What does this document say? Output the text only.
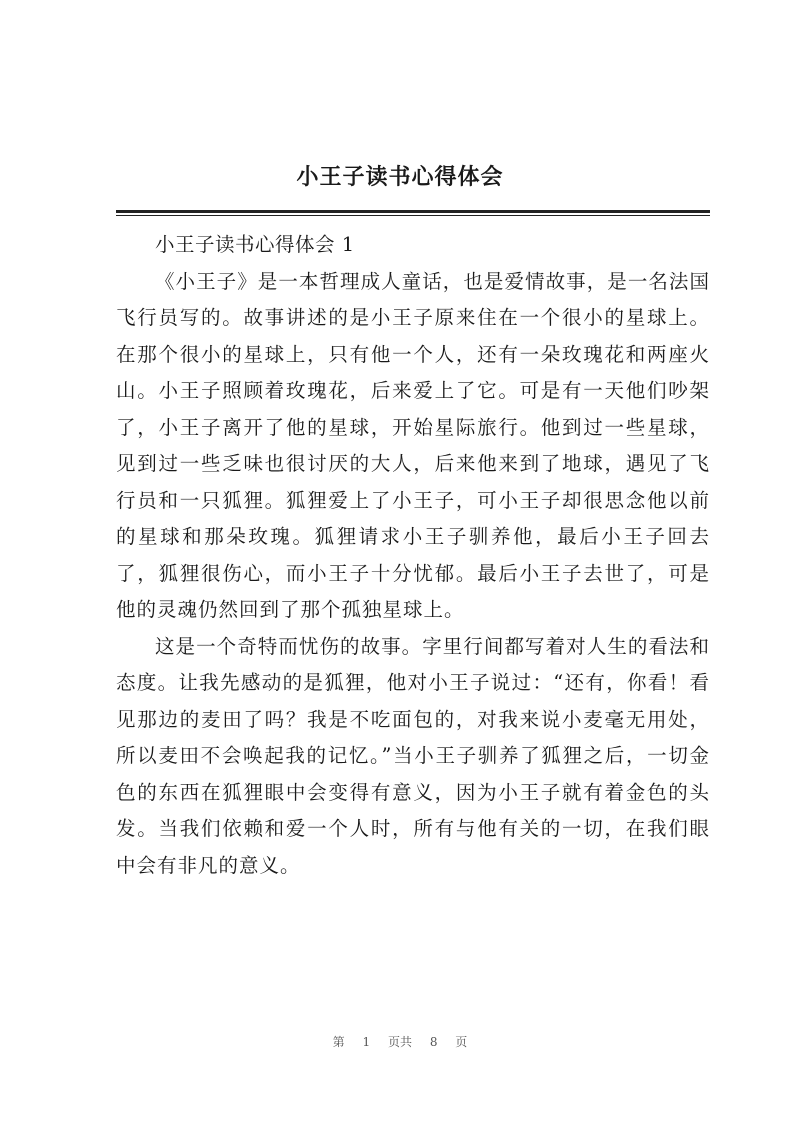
小王子读书心得体会

小王子读书心得体会 1

《小王子》是一本哲理成人童话，也是爱情故事，是一名法国飞行员写的。故事讲述的是小王子原来住在一个很小的星球上。在那个很小的星球上，只有他一个人，还有一朵玫瑰花和两座火山。小王子照顾着玫瑰花，后来爱上了它。可是有一天他们吵架了，小王子离开了他的星球，开始星际旅行。他到过一些星球，见到过一些乏味也很讨厌的大人，后来他来到了地球，遇见了飞行员和一只狐狸。狐狸爱上了小王子，可小王子却很思念他以前的星球和那朵玫瑰。狐狸请求小王子驯养他，最后小王子回去了，狐狸很伤心，而小王子十分忧郁。最后小王子去世了，可是他的灵魂仍然回到了那个孤独星球上。

这是一个奇特而忧伤的故事。字里行间都写着对人生的看法和态度。让我先感动的是狐狸，他对小王子说过：“还有，你看！看见那边的麦田了吗？我是不吃面包的，对我来说小麦毫无用处，所以麦田不会唤起我的记忆。”当小王子驯养了狐狸之后，一切金色的东西在狐狸眼中会变得有意义，因为小王子就有着金色的头发。当我们依赖和爱一个人时，所有与他有关的一切，在我们眼中会有非凡的意义。

第 1 页共 8 页
